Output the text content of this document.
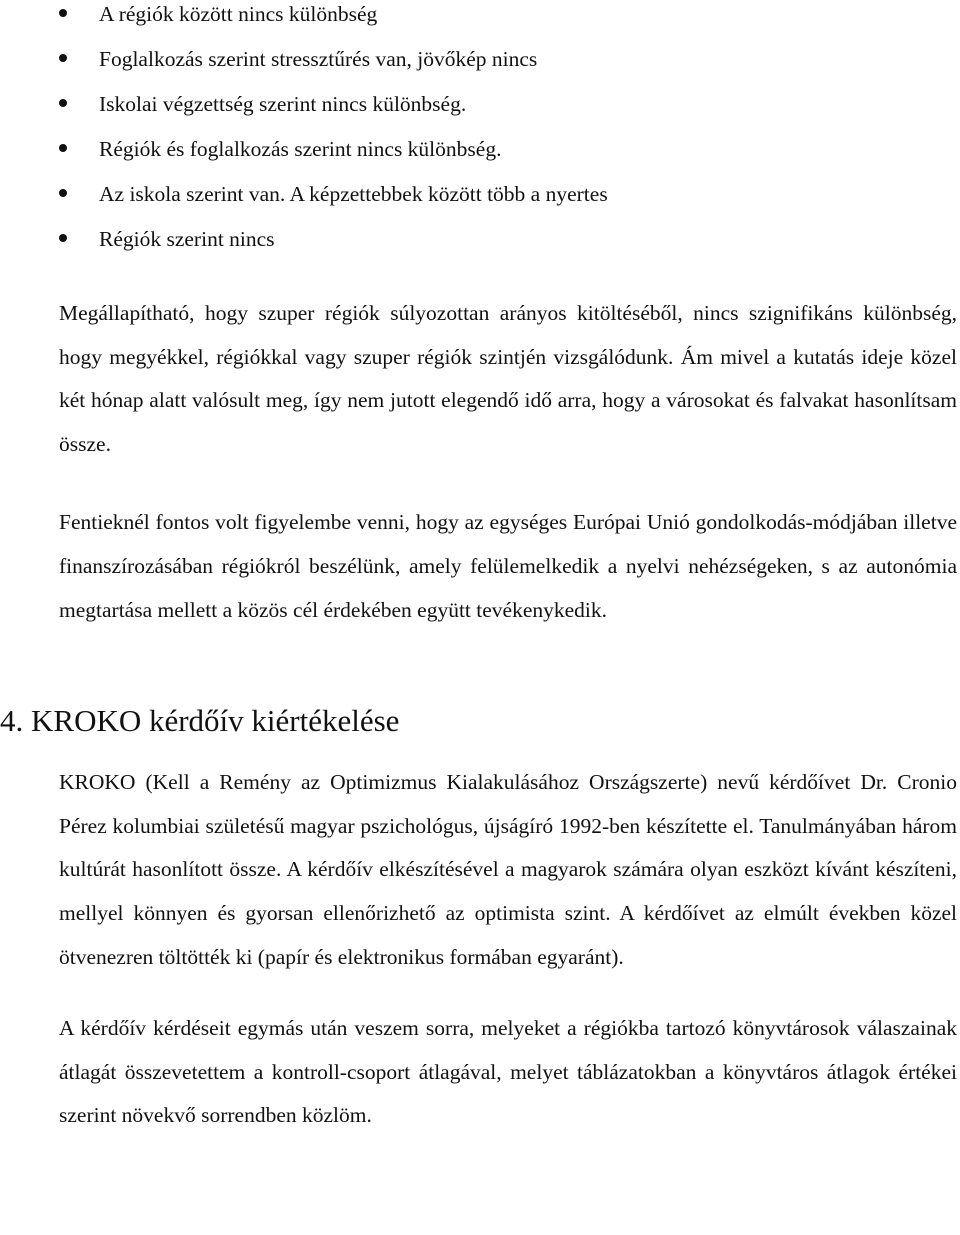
A régiók között nincs különbség
Foglalkozás szerint stressztűrés van, jövőkép nincs
Iskolai végzettség szerint nincs különbség.
Régiók és foglalkozás szerint nincs különbség.
Az iskola szerint van. A képzettebbek között több a nyertes
Régiók szerint nincs

Megállapítható, hogy szuper régiók súlyozottan arányos kitöltéséből, nincs szignifikáns különbség, hogy megyékkel, régiókkal vagy szuper régiók szintjén vizsgálódunk. Ám mivel a kutatás ideje közel két hónap alatt valósult meg, így nem jutott elegendő idő arra, hogy a városokat és falvakat hasonlítsam össze.

Fentieknél fontos volt figyelembe venni, hogy az egységes Európai Unió gondolkodás-módjában illetve finanszírozásában régiókról beszélünk, amely felülemelkedik a nyelvi nehézségeken, s az autonómia megtartása mellett a közös cél érdekében együtt tevékenykedik.

4. KROKO kérdőív kiértékelése

KROKO (Kell a Remény az Optimizmus Kialakulásához Országszerte) nevű kérdőívet Dr. Cronio Pérez kolumbiai születésű magyar pszichológus, újságíró 1992-ben készítette el. Tanulmányában három kultúrát hasonlított össze. A kérdőív elkészítésével a magyarok számára olyan eszközt kívánt készíteni, mellyel könnyen és gyorsan ellenőrizhető az optimista szint. A kérdőívet az elmúlt években közel ötvenezren töltötték ki (papír és elektronikus formában egyaránt).

A kérdőív kérdéseit egymás után veszem sorra, melyeket a régiókba tartozó könyvtárosok válaszainak átlagát összevetettem a kontroll-csoport átlagával, melyet táblázatokban a könyvtáros átlagok értékei szerint növekvő sorrendben közlöm.
